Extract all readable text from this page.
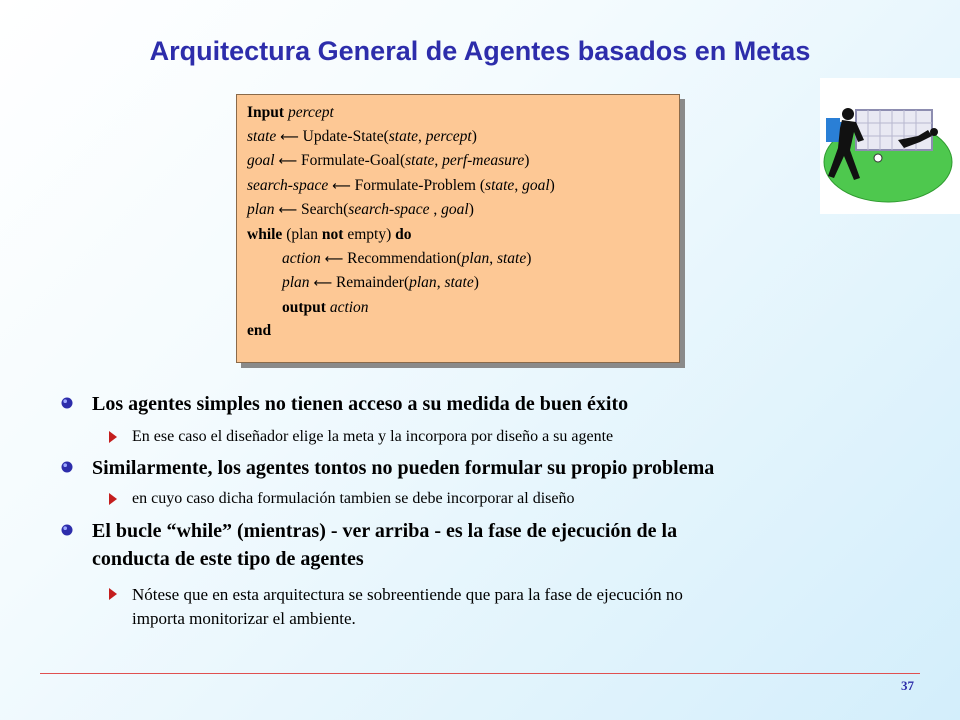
Arquitectura General de Agentes basados en Metas
Input percept
state ⟵ Update-State(state, percept)
goal ⟵ Formulate-Goal(state, perf-measure)
search-space ⟵ Formulate-Problem (state, goal)
plan ⟵ Search(search-space , goal)
while (plan not empty) do
action ⟵ Recommendation(plan, state)
plan ⟵ Remainder(plan, state)
output action
end
Los agentes simples no tienen acceso a su medida de buen éxito
En ese caso el diseñador elige la meta y la incorpora por diseño a su agente
Similarmente, los agentes tontos no pueden formular su propio problema
en cuyo caso dicha formulación tambien se debe incorporar al diseño
El bucle “while” (mientras) - ver arriba - es la fase de ejecución de la
conducta de este tipo de agentes
Nótese que en esta arquitectura se sobreentiende que para la fase de ejecución no
importa monitorizar el ambiente.
37
